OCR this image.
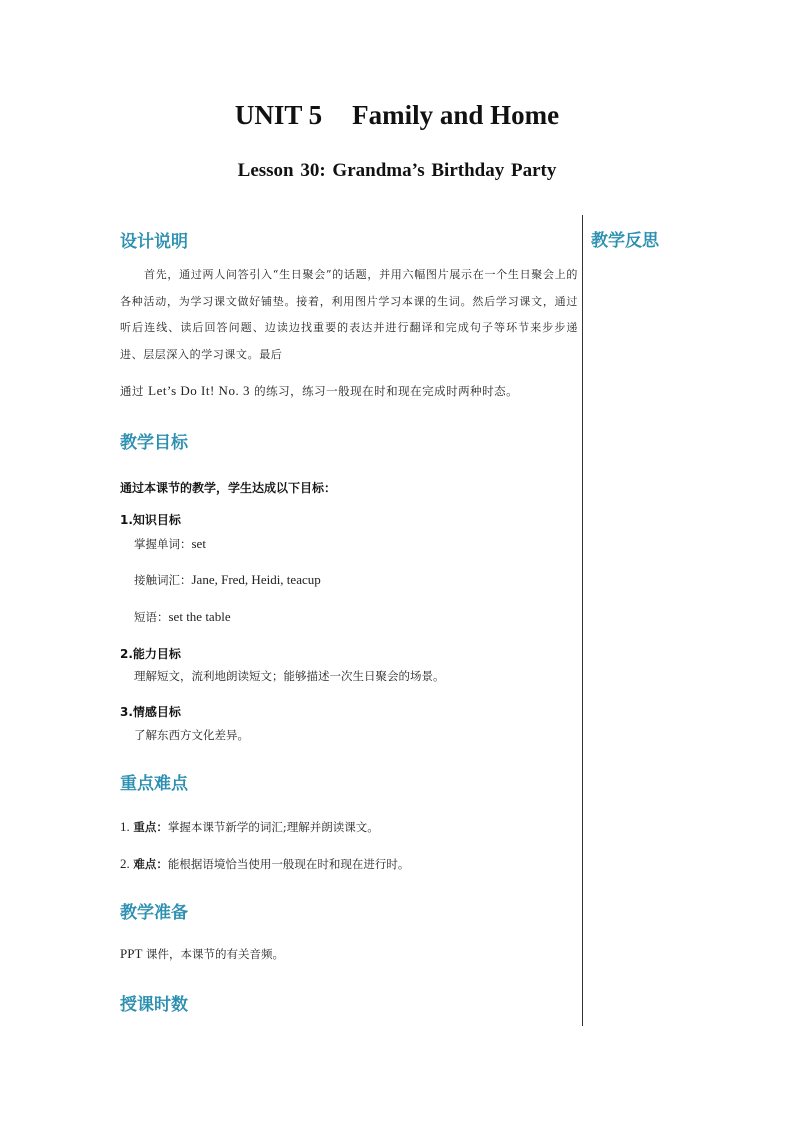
UNIT 5 Family and Home
Lesson 30: Grandma’s Birthday Party
教学反思
设计说明
首先，通过两人问答引入“生日聚会”的话题，并用六幅图片展示在一个生日聚会上的各种活动，为学习课文做好铺垫。接着，利用图片学习本课的生词。然后学习课文，通过听后连线、读后回答问题、边读边找重要的表达并进行翻译和完成句子等环节来步步递进、层层深入的学习课文。最后
通过 Let’s Do It! No. 3 的练习，练习一般现在时和现在完成时两种时态。
教学目标
通过本课节的教学，学生达成以下目标：
1.知识目标
掌握单词：set
接触词汇：Jane, Fred, Heidi, teacup
短语：set the table
2.能力目标
理解短文，流利地朗读短文；能够描述一次生日聚会的场景。
3.情感目标
了解东西方文化差异。
重点难点
1. 重点：掌握本课节新学的词汇;理解并朗读课文。
2. 难点：能根据语境恰当使用一般现在时和现在进行时。
教学准备
PPT 课件，本课节的有关音频。
授课时数
